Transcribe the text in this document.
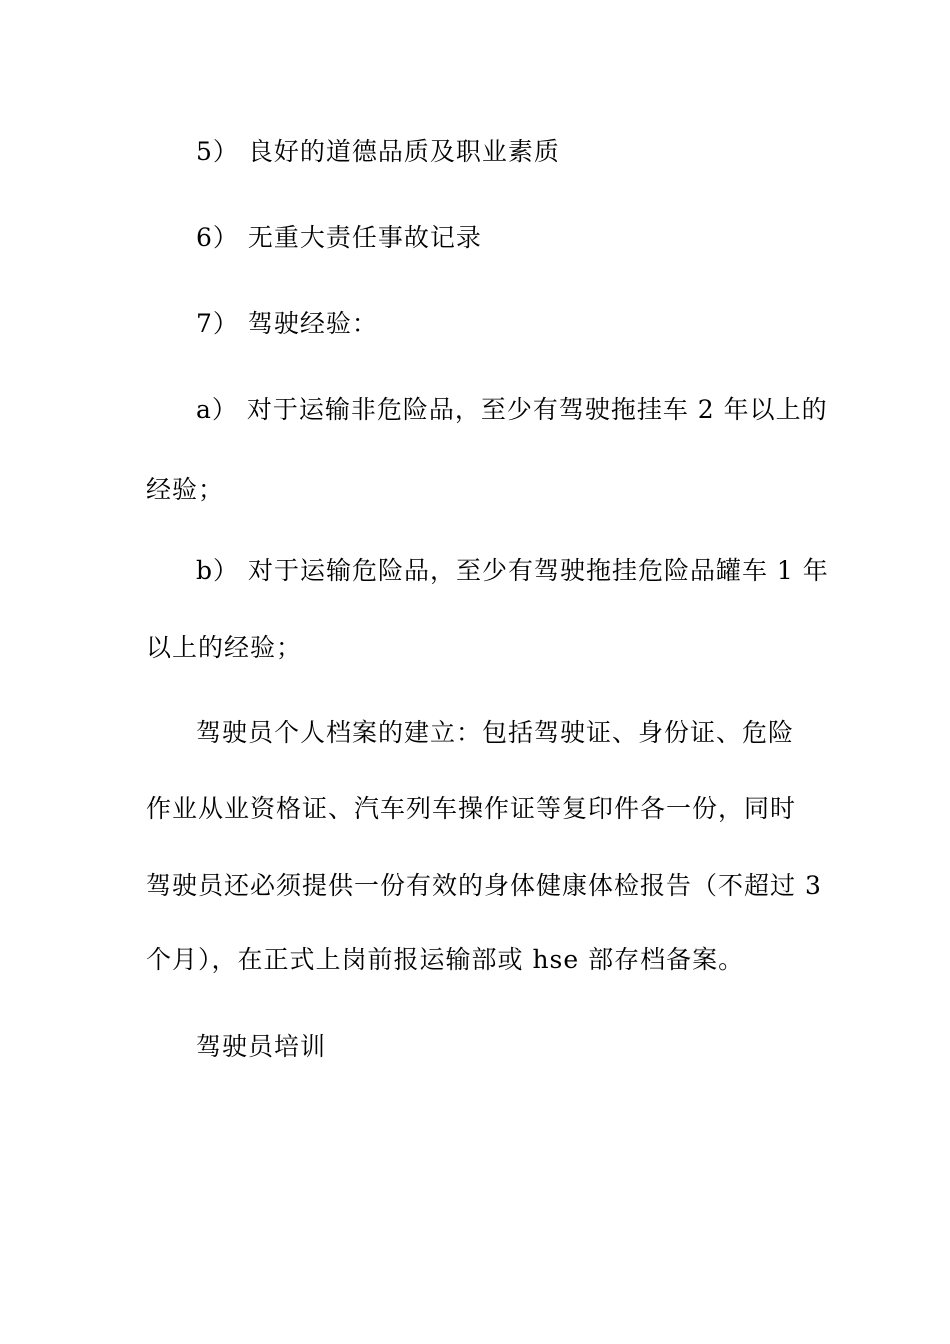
5） 良好的道德品质及职业素质
6） 无重大责任事故记录
7） 驾驶经验：
a） 对于运输非危险品，至少有驾驶拖挂车 2 年以上的
经验；
b） 对于运输危险品，至少有驾驶拖挂危险品罐车 1 年
以上的经验；
驾驶员个人档案的建立：包括驾驶证、身份证、危险
作业从业资格证、汽车列车操作证等复印件各一份，同时
驾驶员还必须提供一份有效的身体健康体检报告（不超过 3
个月），在正式上岗前报运输部或 hse 部存档备案。
驾驶员培训
